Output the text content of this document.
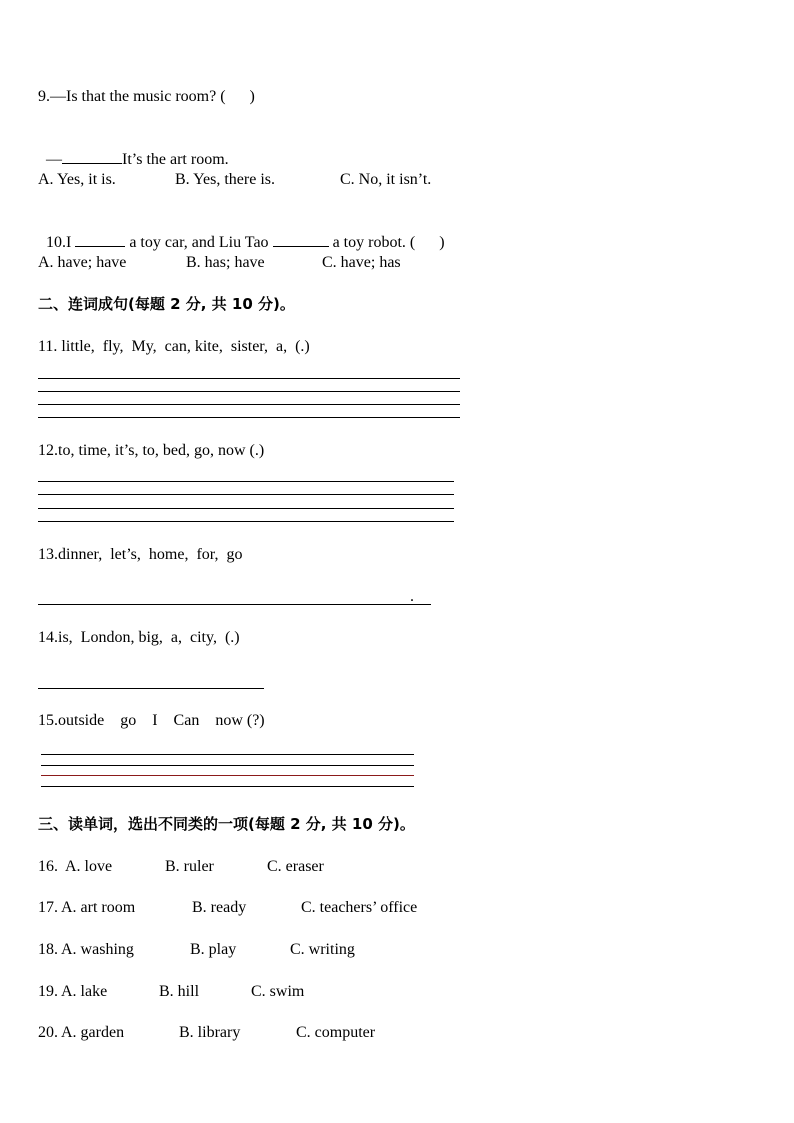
9.—Is that the music room? (      )

—	It’s the art room.

A. Yes, it is.

	B. Yes, there is.

	C. No, it isn’t.

10.I	a toy car, and Liu Tao	a toy robot. (      )

A. have; have

	B. has; have

	C. have; has

二、连词成句(每题 2 分, 共 10 分)。
11. little,  fly,  My,  can, kite,  sister,  a,  (.)
12.to, time, it’s, to, bed, go, now (.)
13.dinner,  let’s,  home,  for,  go
.
14.is,  London, big,  a,  city,  (.)
15.outside    go    I    Can    now (?)
三、读单词，选出不同类的一项(每题 2 分, 共 10 分)。

16.

A. love

	B. ruler

	C. eraser

17.

A. art room

	B. ready

	C. teachers’ office

18.

A. washing

	B. play

	C. writing

19.

A. lake

	B. hill

	C. swim

20.

A. garden

	B. library

	C. computer
